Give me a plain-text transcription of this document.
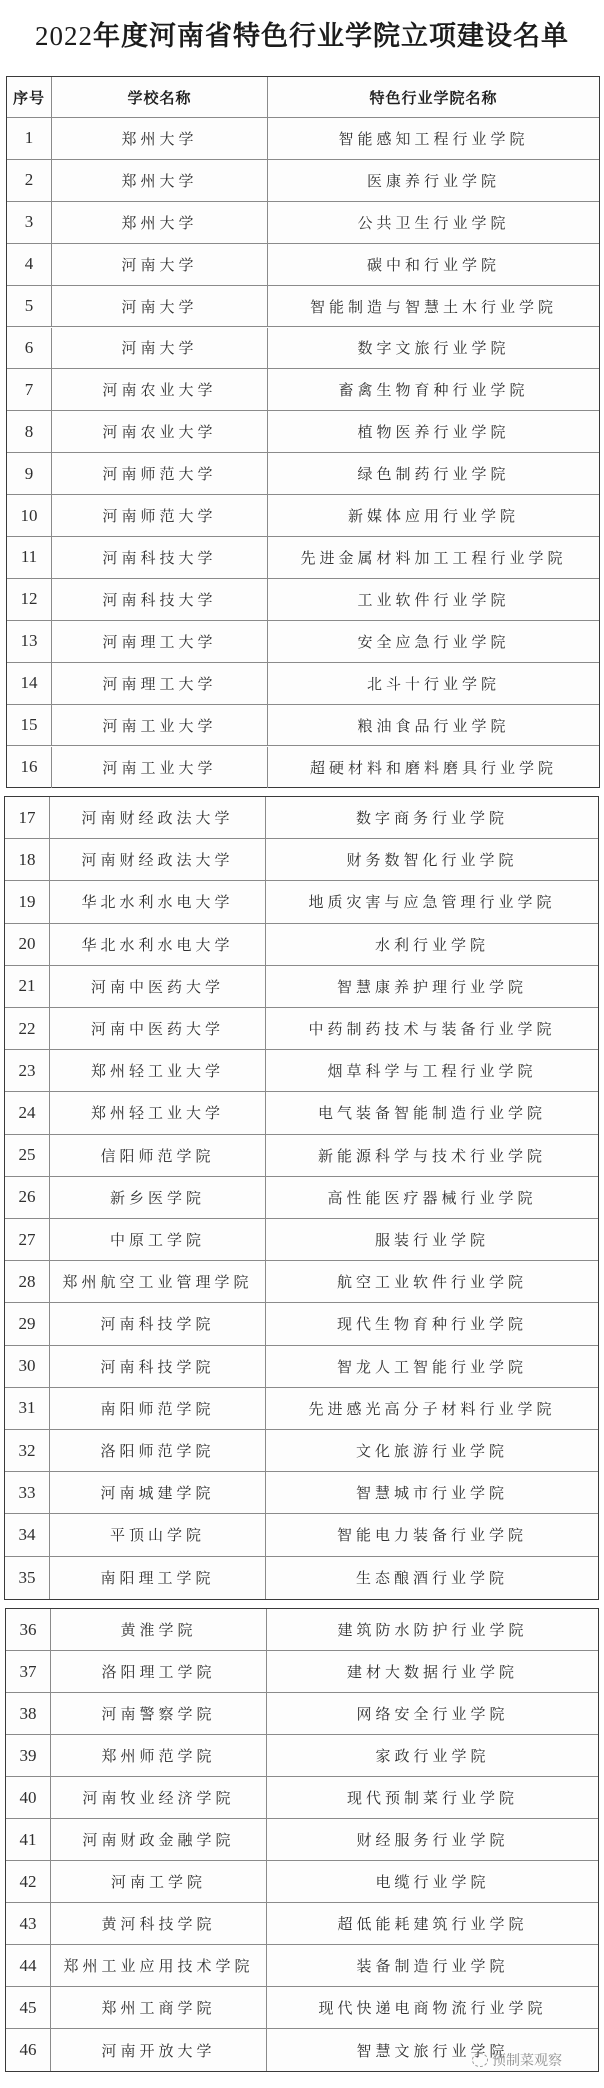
2022年度河南省特色行业学院立项建设名单
序号	学校名称	特色行业学院名称
1	郑州大学	智能感知工程行业学院
2	郑州大学	医康养行业学院
3	郑州大学	公共卫生行业学院
4	河南大学	碳中和行业学院
5	河南大学	智能制造与智慧土木行业学院
6	河南大学	数字文旅行业学院
7	河南农业大学	畜禽生物育种行业学院
8	河南农业大学	植物医养行业学院
9	河南师范大学	绿色制药行业学院
10	河南师范大学	新媒体应用行业学院
11	河南科技大学	先进金属材料加工工程行业学院
12	河南科技大学	工业软件行业学院
13	河南理工大学	安全应急行业学院
14	河南理工大学	北斗十行业学院
15	河南工业大学	粮油食品行业学院
16	河南工业大学	超硬材料和磨料磨具行业学院
17	河南财经政法大学	数字商务行业学院
18	河南财经政法大学	财务数智化行业学院
19	华北水利水电大学	地质灾害与应急管理行业学院
20	华北水利水电大学	水利行业学院
21	河南中医药大学	智慧康养护理行业学院
22	河南中医药大学	中药制药技术与装备行业学院
23	郑州轻工业大学	烟草科学与工程行业学院
24	郑州轻工业大学	电气装备智能制造行业学院
25	信阳师范学院	新能源科学与技术行业学院
26	新乡医学院	高性能医疗器械行业学院
27	中原工学院	服装行业学院
28	郑州航空工业管理学院	航空工业软件行业学院
29	河南科技学院	现代生物育种行业学院
30	河南科技学院	智龙人工智能行业学院
31	南阳师范学院	先进感光高分子材料行业学院
32	洛阳师范学院	文化旅游行业学院
33	河南城建学院	智慧城市行业学院
34	平顶山学院	智能电力装备行业学院
35	南阳理工学院	生态酿酒行业学院
36	黄淮学院	建筑防水防护行业学院
37	洛阳理工学院	建材大数据行业学院
38	河南警察学院	网络安全行业学院
39	郑州师范学院	家政行业学院
40	河南牧业经济学院	现代预制菜行业学院
41	河南财政金融学院	财经服务行业学院
42	河南工学院	电缆行业学院
43	黄河科技学院	超低能耗建筑行业学院
44	郑州工业应用技术学院	装备制造行业学院
45	郑州工商学院	现代快递电商物流行业学院
46	河南开放大学	智慧文旅行业学院
预制菜观察
